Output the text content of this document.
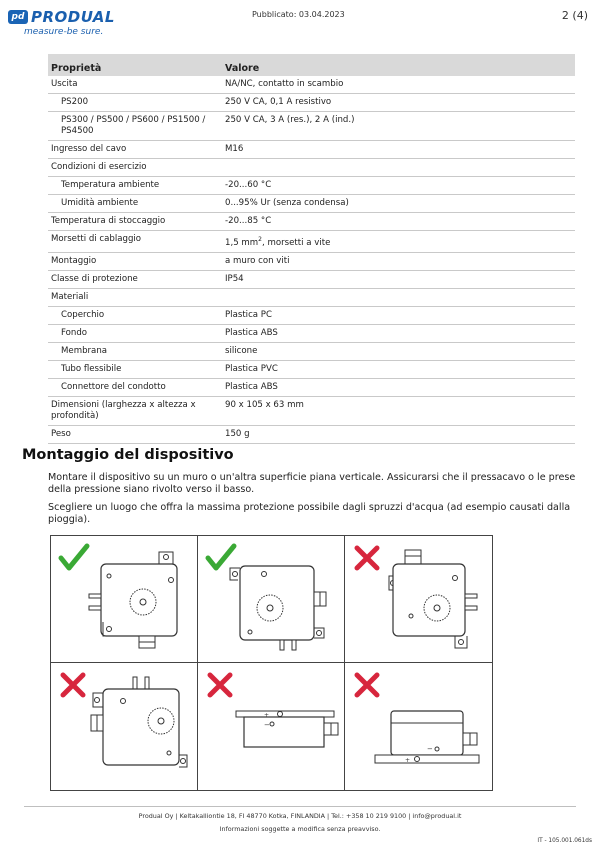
pd PRODUAL
measure-be sure.
Pubblicato: 03.04.2023	2 (4)
Proprietà	Valore
Uscita	NA/NC, contatto in scambio
PS200	250 V CA, 0,1 A resistivo
PS300 / PS500 / PS600 / PS1500 / PS4500	250 V CA, 3 A (res.), 2 A (ind.)
Ingresso del cavo	M16
Condizioni di esercizio	
Temperatura ambiente	-20...60 °C
Umidità ambiente	0...95% Ur (senza condensa)
Temperatura di stoccaggio	-20...85 °C
Morsetti di cablaggio	1,5 $mm^2$, morsetti a vite
Montaggio	a muro con viti
Classe di protezione	IP54
Materiali	
Coperchio	Plastica PC
Fondo	Plastica ABS
Membrana	silicone
Tubo flessibile	Plastica PVC
Connettore del condotto	Plastica ABS
Dimensioni (larghezza x altezza x profondità)	90 x 105 x 63 mm
Peso	150 g
Montaggio del dispositivo
Montare il dispositivo su un muro o un'altra superficie piana verticale. Assicurarsi che il pressacavo o le prese della pressione siano rivolto verso il basso.
Scegliere un luogo che offra la massima protezione possibile dagli spruzzi d'acqua (ad esempio causati dalla pioggia).
+
−
+
−
Produal Oy | Keltakalliontie 18, FI 48770 Kotka, FINLANDIA | Tel.: +358 10 219 9100 | info@produal.it
Informazioni soggette a modifica senza preavviso.
IT - 105.001.061ds
